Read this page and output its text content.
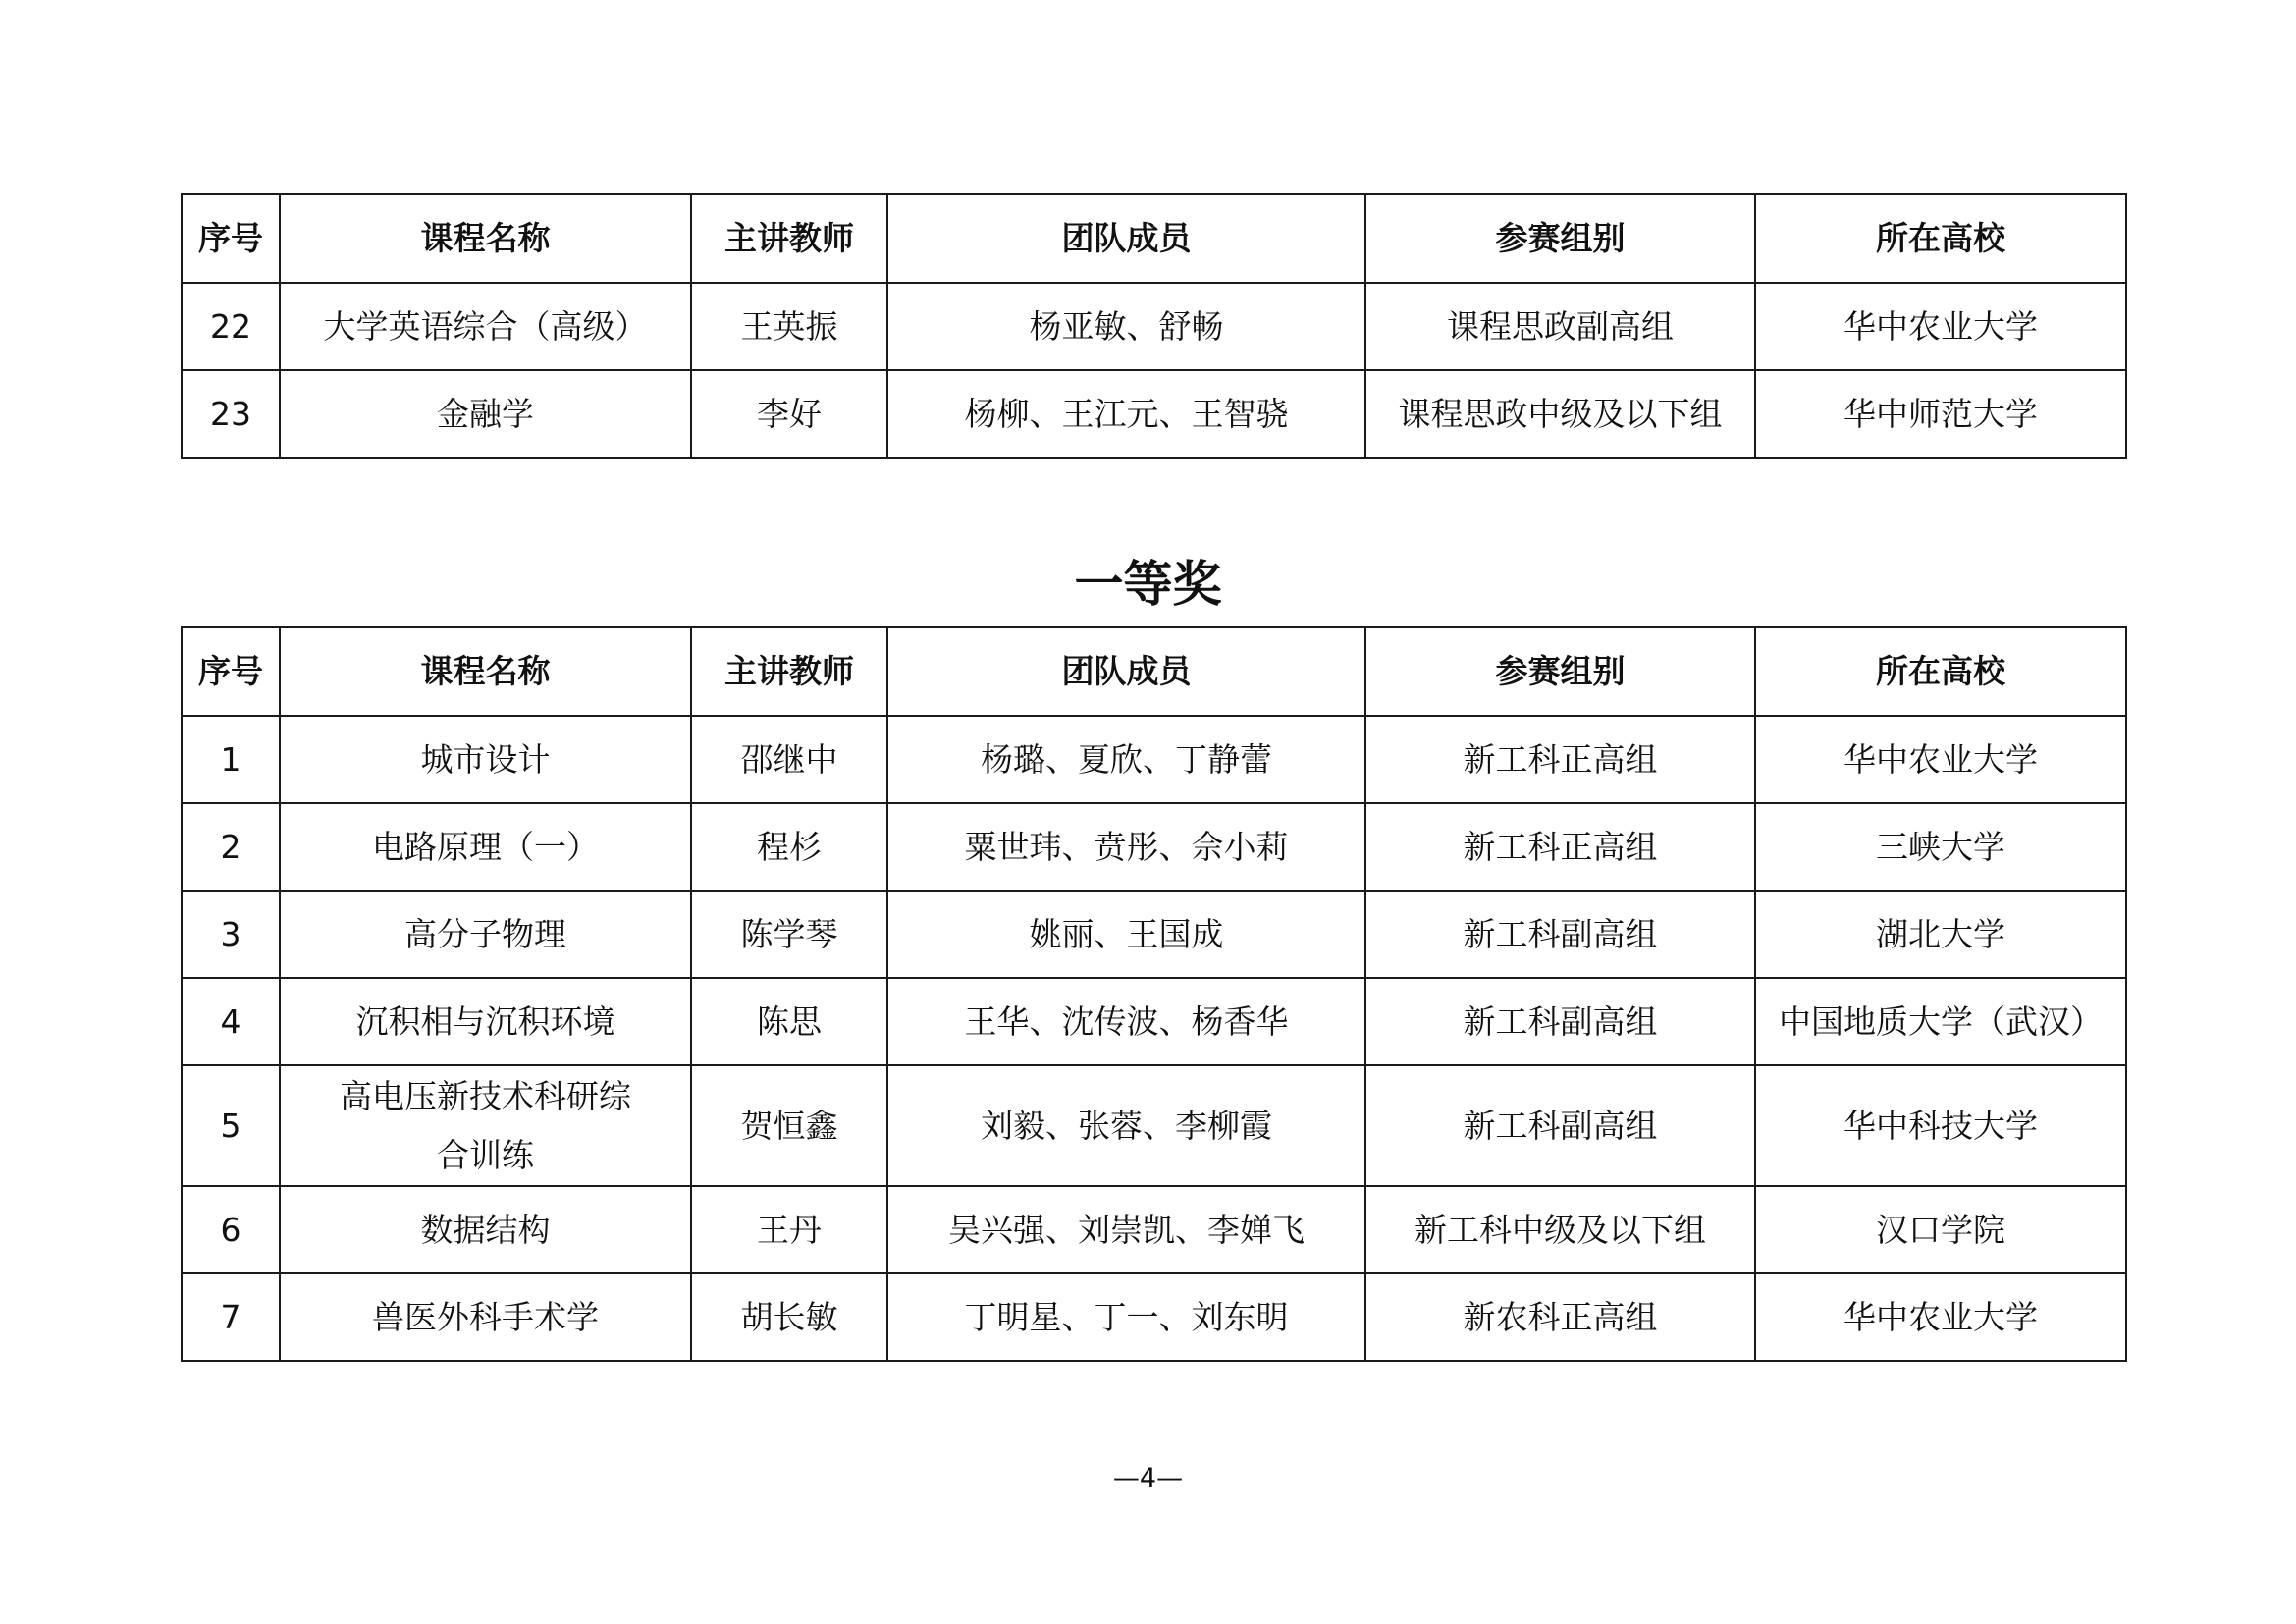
序号	课程名称	主讲教师	团队成员	参赛组别	所在高校
22	大学英语综合（高级）	王英振	杨亚敏、舒畅	课程思政副高组	华中农业大学
23	金融学	李好	杨柳、王江元、王智骁	课程思政中级及以下组	华中师范大学
一等奖
序号	课程名称	主讲教师	团队成员	参赛组别	所在高校
1	城市设计	邵继中	杨璐、夏欣、丁静蕾	新工科正高组	华中农业大学
2	电路原理（一）	程杉	粟世玮、贲彤、佘小莉	新工科正高组	三峡大学
3	高分子物理	陈学琴	姚丽、王国成	新工科副高组	湖北大学
4	沉积相与沉积环境	陈思	王华、沈传波、杨香华	新工科副高组	中国地质大学（武汉）
5	高电压新技术科研综合训练	贺恒鑫	刘毅、张蓉、李柳霞	新工科副高组	华中科技大学
6	数据结构	王丹	吴兴强、刘崇凯、李婵飞	新工科中级及以下组	汉口学院
7	兽医外科手术学	胡长敏	丁明星、丁一、刘东明	新农科正高组	华中农业大学
—4—
